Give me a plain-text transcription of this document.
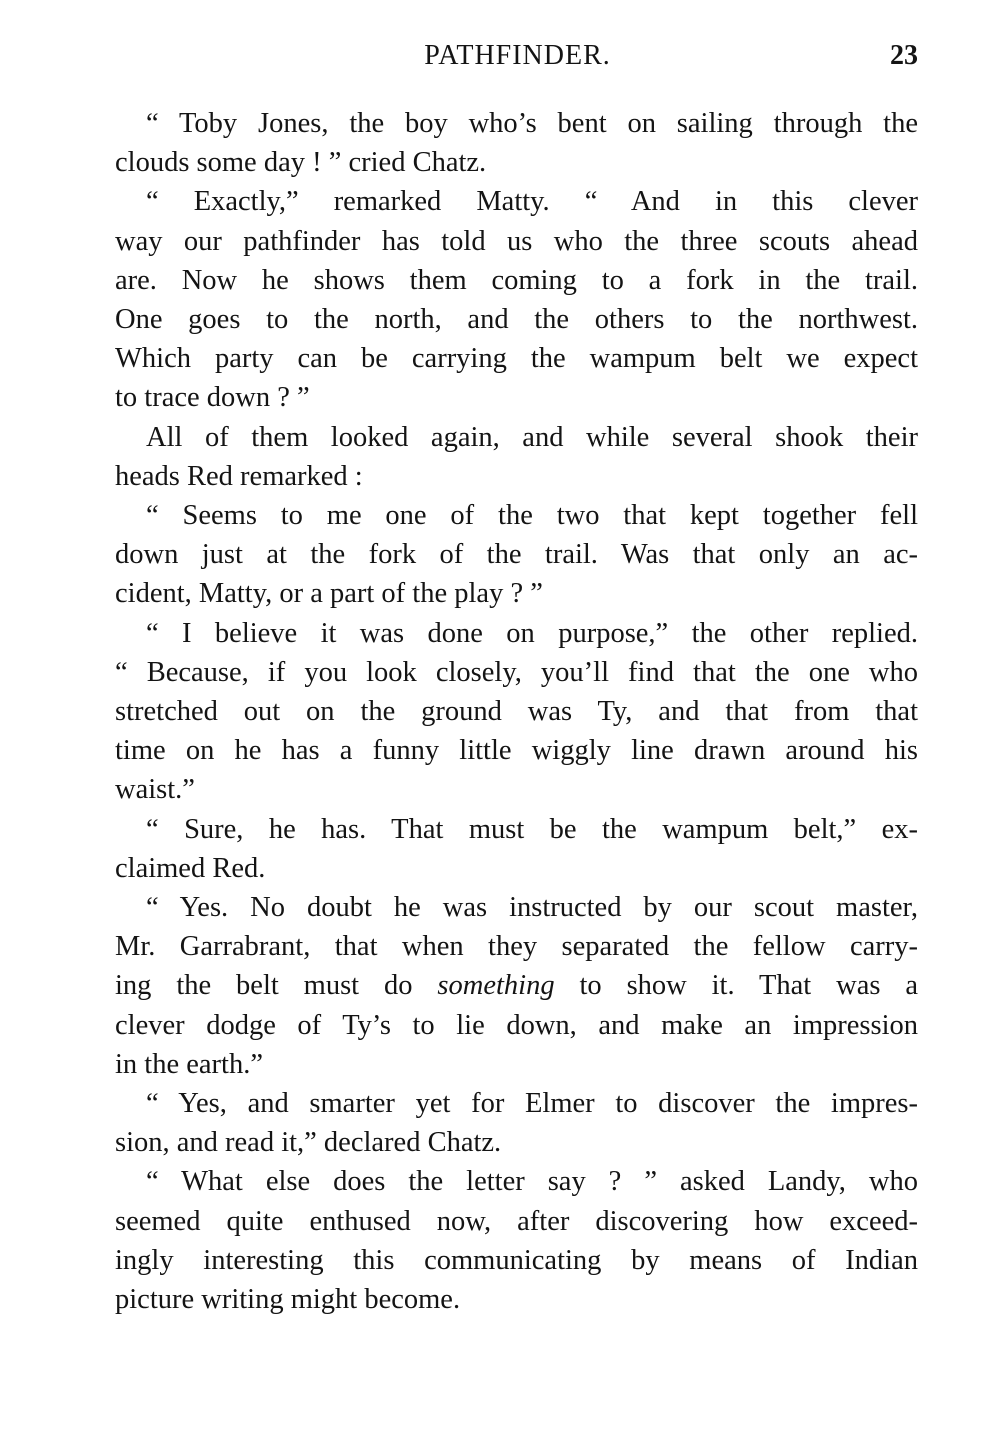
PATHFINDER.	23

“ Toby Jones, the boy who’s bent on sailing through the
clouds some day ! ” cried Chatz.

“ Exactly,” remarked Matty. “ And in this clever
way our pathfinder has told us who the three scouts ahead
are. Now he shows them coming to a fork in the trail.
One goes to the north, and the others to the northwest.
Which party can be carrying the wampum belt we expect
to trace down ? ”

All of them looked again, and while several shook their
heads Red remarked :

“ Seems to me one of the two that kept together fell
down just at the fork of the trail. Was that only an ac-
cident, Matty, or a part of the play ? ”

“ I believe it was done on purpose,” the other replied.
“ Because, if you look closely, you’ll find that the one who
stretched out on the ground was Ty, and that from that
time on he has a funny little wiggly line drawn around his
waist.”

“ Sure, he has. That must be the wampum belt,” ex-
claimed Red.

“ Yes. No doubt he was instructed by our scout master,
Mr. Garrabrant, that when they separated the fellow carry-
ing the belt must do something to show it. That was a
clever dodge of Ty’s to lie down, and make an impression
in the earth.”

“ Yes, and smarter yet for Elmer to discover the impres-
sion, and read it,” declared Chatz.

“ What else does the letter say ? ” asked Landy, who
seemed quite enthused now, after discovering how exceed-
ingly interesting this communicating by means of Indian
picture writing might become.
